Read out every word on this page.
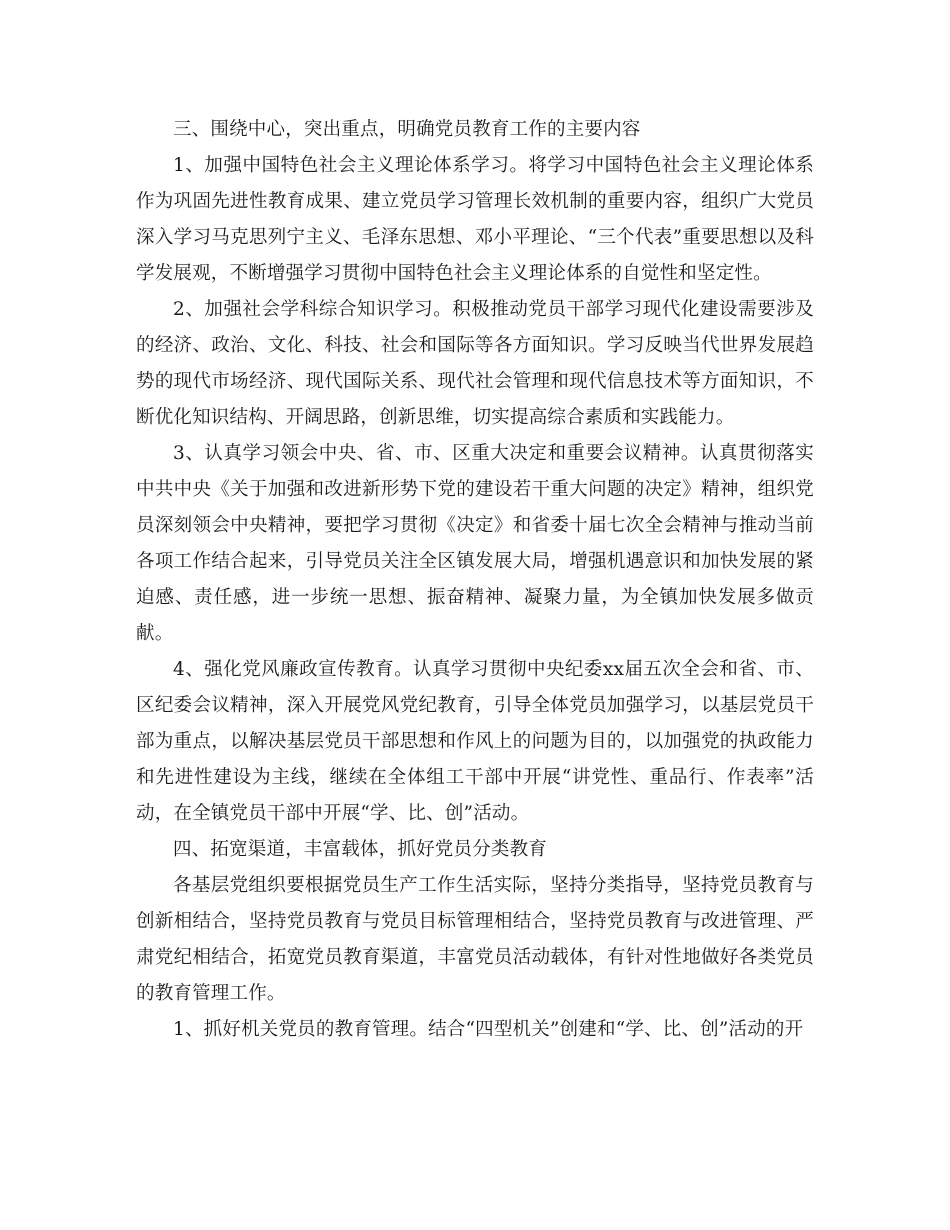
三、围绕中心，突出重点，明确党员教育工作的主要内容

1、加强中国特色社会主义理论体系学习。将学习中国特色社会主义理论体系作为巩固先进性教育成果、建立党员学习管理长效机制的重要内容，组织广大党员深入学习马克思列宁主义、毛泽东思想、邓小平理论、“三个代表”重要思想以及科学发展观，不断增强学习贯彻中国特色社会主义理论体系的自觉性和坚定性。

2、加强社会学科综合知识学习。积极推动党员干部学习现代化建设需要涉及的经济、政治、文化、科技、社会和国际等各方面知识。学习反映当代世界发展趋势的现代市场经济、现代国际关系、现代社会管理和现代信息技术等方面知识，不断优化知识结构、开阔思路，创新思维，切实提高综合素质和实践能力。

3、认真学习领会中央、省、市、区重大决定和重要会议精神。认真贯彻落实中共中央《关于加强和改进新形势下党的建设若干重大问题的决定》精神，组织党员深刻领会中央精神，要把学习贯彻《决定》和省委十届七次全会精神与推动当前各项工作结合起来，引导党员关注全区镇发展大局，增强机遇意识和加快发展的紧迫感、责任感，进一步统一思想、振奋精神、凝聚力量，为全镇加快发展多做贡献。

4、强化党风廉政宣传教育。认真学习贯彻中央纪委xx届五次全会和省、市、区纪委会议精神，深入开展党风党纪教育，引导全体党员加强学习，以基层党员干部为重点，以解决基层党员干部思想和作风上的问题为目的，以加强党的执政能力和先进性建设为主线，继续在全体组工干部中开展“讲党性、重品行、作表率”活动，在全镇党员干部中开展“学、比、创”活动。

四、拓宽渠道，丰富载体，抓好党员分类教育

各基层党组织要根据党员生产工作生活实际，坚持分类指导，坚持党员教育与创新相结合，坚持党员教育与党员目标管理相结合，坚持党员教育与改进管理、严肃党纪相结合，拓宽党员教育渠道，丰富党员活动载体，有针对性地做好各类党员的教育管理工作。

1、抓好机关党员的教育管理。结合“四型机关”创建和“学、比、创”活动的开
